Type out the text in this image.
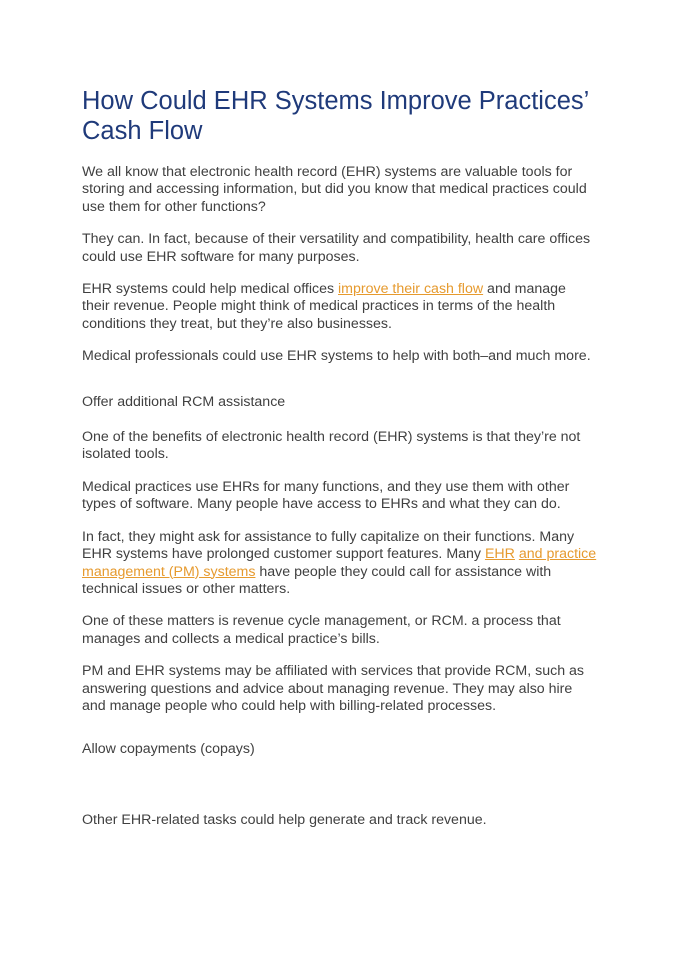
How Could EHR Systems Improve Practices’ Cash Flow

We all know that electronic health record (EHR) systems are valuable tools for storing and accessing information, but did you know that medical practices could use them for other functions?

They can. In fact, because of their versatility and compatibility, health care offices could use EHR software for many purposes.

EHR systems could help medical offices improve their cash flow and manage their revenue. People might think of medical practices in terms of the health conditions they treat, but they’re also businesses.

Medical professionals could use EHR systems to help with both–and much more.

Offer additional RCM assistance

One of the benefits of electronic health record (EHR) systems is that they’re not isolated tools.

Medical practices use EHRs for many functions, and they use them with other types of software. Many people have access to EHRs and what they can do.

In fact, they might ask for assistance to fully capitalize on their functions. Many EHR systems have prolonged customer support features. Many EHR and practice management (PM) systems have people they could call for assistance with technical issues or other matters.

One of these matters is revenue cycle management, or RCM. a process that manages and collects a medical practice’s bills.

PM and EHR systems may be affiliated with services that provide RCM, such as answering questions and advice about managing revenue. They may also hire and manage people who could help with billing-related processes.

Allow copayments (copays)

Other EHR-related tasks could help generate and track revenue.
